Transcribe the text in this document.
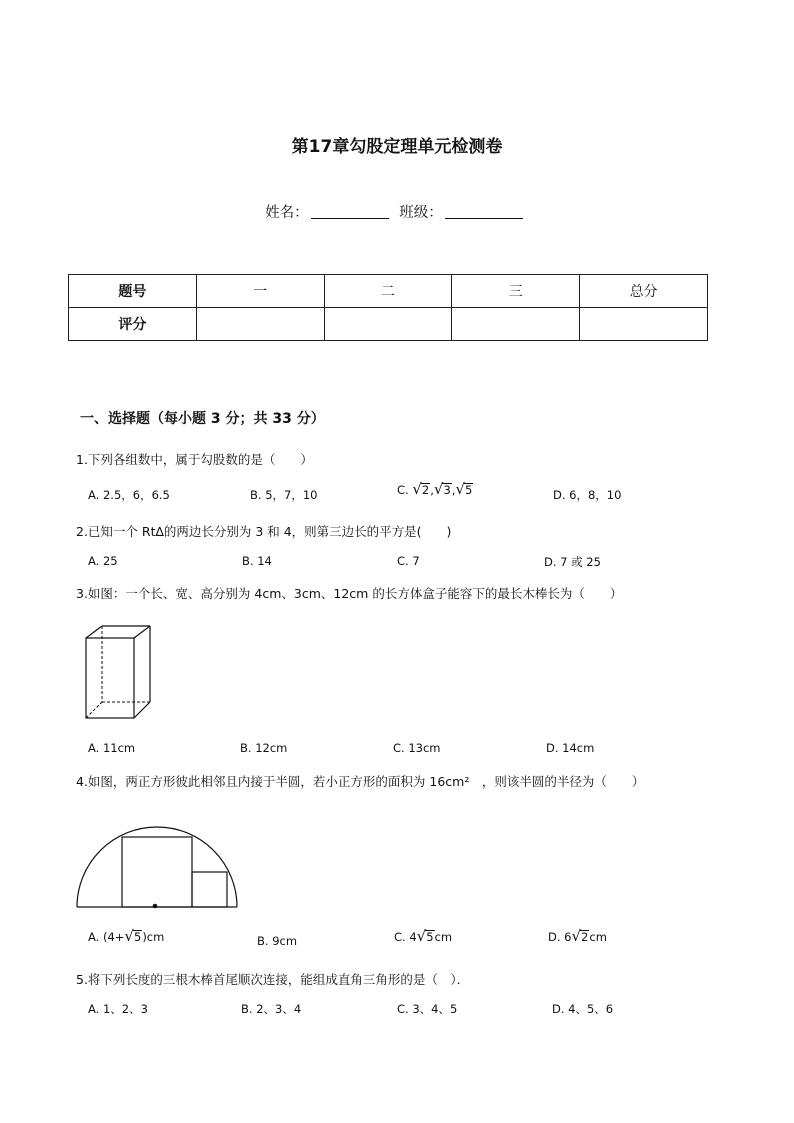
第17章勾股定理单元检测卷
姓名：	班级：
题号	一	二	三	总分
评分				
一、选择题（每小题 3 分；共 33 分）
1.下列各组数中，属于勾股数的是（　　）
A. 2.5，6，6.5	B. 5，7，10	C. √ 2 , √ 3 , √ 5	D. 6，8，10
2.已知一个 Rt∆的两边长分别为 3 和 4，则第三边长的平方是(　　)
A. 25	B. 14	C. 7	D. 7 或 25
3.如图：一个长、宽、高分别为 4cm、3cm、12cm 的长方体盒子能容下的最长木棒长为（　　）
A. 11cm	B. 12cm	C. 13cm	D. 14cm
4.如图，两正方形彼此相邻且内接于半圆，若小正方形的面积为 16cm²　，则该半圆的半径为（　　）
A. (4+ √ 5 )cm	B. 9cm	C. 4 √ 5 cm	D. 6 √ 2 cm
5.将下列长度的三根木棒首尾顺次连接，能组成直角三角形的是（　）．
A. 1、2、3	B. 2、3、4	C. 3、4、5	D. 4、5、6
